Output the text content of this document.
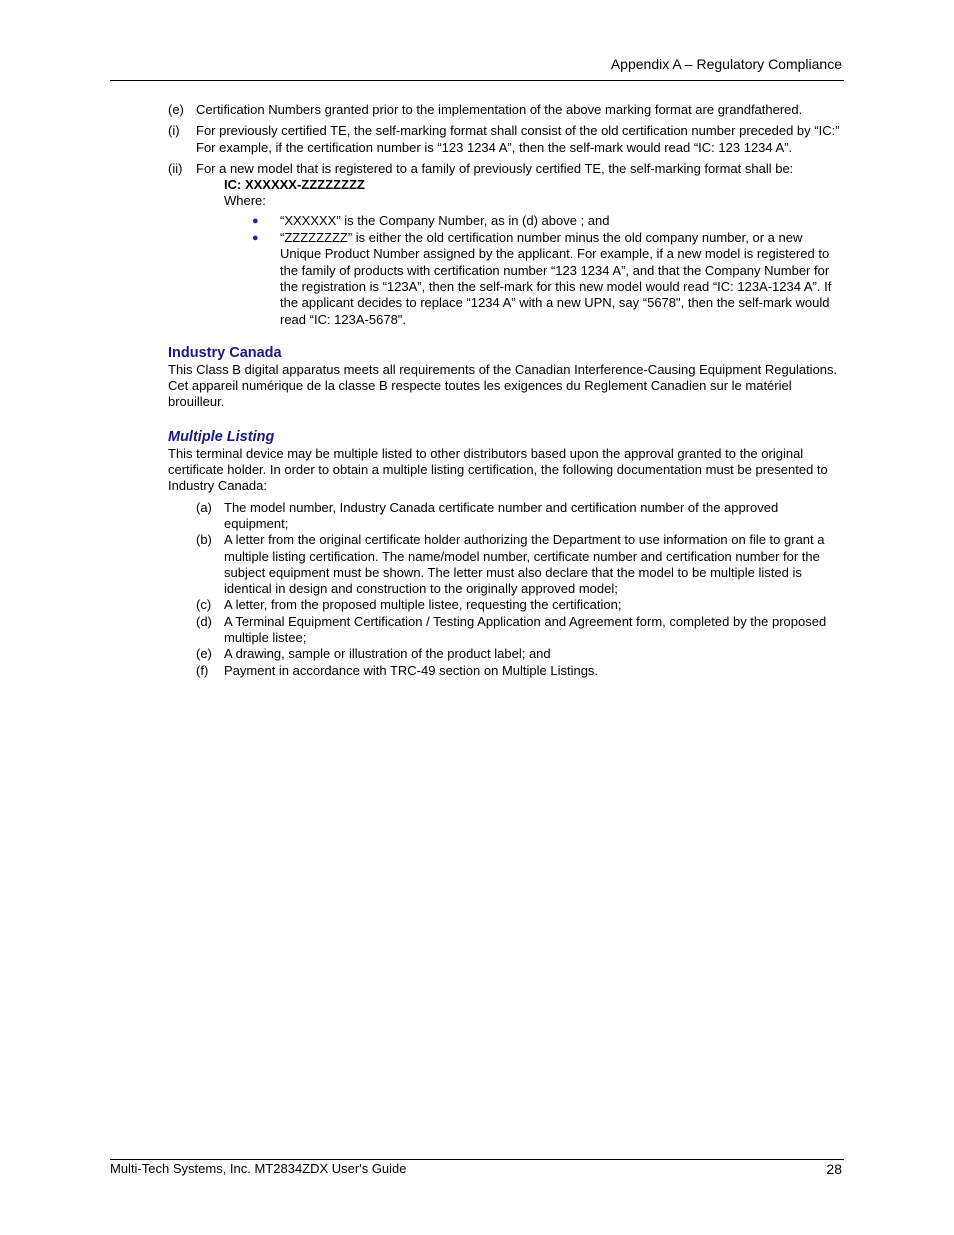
Appendix A – Regulatory Compliance
(e) Certification Numbers granted prior to the implementation of the above marking format are grandfathered.
(i)	For previously certified TE, the self-marking format shall consist of the old certification number preceded by “IC:” For example, if the certification number is “123 1234 A”, then the self-mark would read “IC: 123 1234 A”.
(ii)	For a new model that is registered to a family of previously certified TE, the self-marking format shall be:
IC: XXXXXX-ZZZZZZZZ
Where:
●	“XXXXXX” is the Company Number, as in (d) above ; and
●	“ZZZZZZZZ” is either the old certification number minus the old company number, or a new Unique Product Number assigned by the applicant. For example, if a new model is registered to the family of products with certification number “123 1234 A”, and that the Company Number for the registration is “123A”, then the self-mark for this new model would read “IC: 123A-1234 A”. If the applicant decides to replace “1234 A” with a new UPN, say “5678", then the self-mark would read “IC: 123A-5678".
Industry Canada
This Class B digital apparatus meets all requirements of the Canadian Interference-Causing Equipment Regulations.
Cet appareil numérique de la classe B respecte toutes les exigences du Reglement Canadien sur le matériel brouilleur.
Multiple Listing
This terminal device may be multiple listed to other distributors based upon the approval granted to the original certificate holder. In order to obtain a multiple listing certification, the following documentation must be presented to Industry Canada:
(a) The model number, Industry Canada certificate number and certification number of the approved equipment;
(b) A letter from the original certificate holder authorizing the Department to use information on file to grant a multiple listing certification. The name/model number, certificate number and certification number for the subject equipment must be shown. The letter must also declare that the model to be multiple listed is identical in design and construction to the originally approved model;
(c) A letter, from the proposed multiple listee, requesting the certification;
(d) A Terminal Equipment Certification / Testing Application and Agreement form, completed by the proposed multiple listee;
(e) A drawing, sample or illustration of the product label; and
(f)	Payment in accordance with TRC-49 section on Multiple Listings.
Multi-Tech Systems, Inc. MT2834ZDX User's Guide	28
